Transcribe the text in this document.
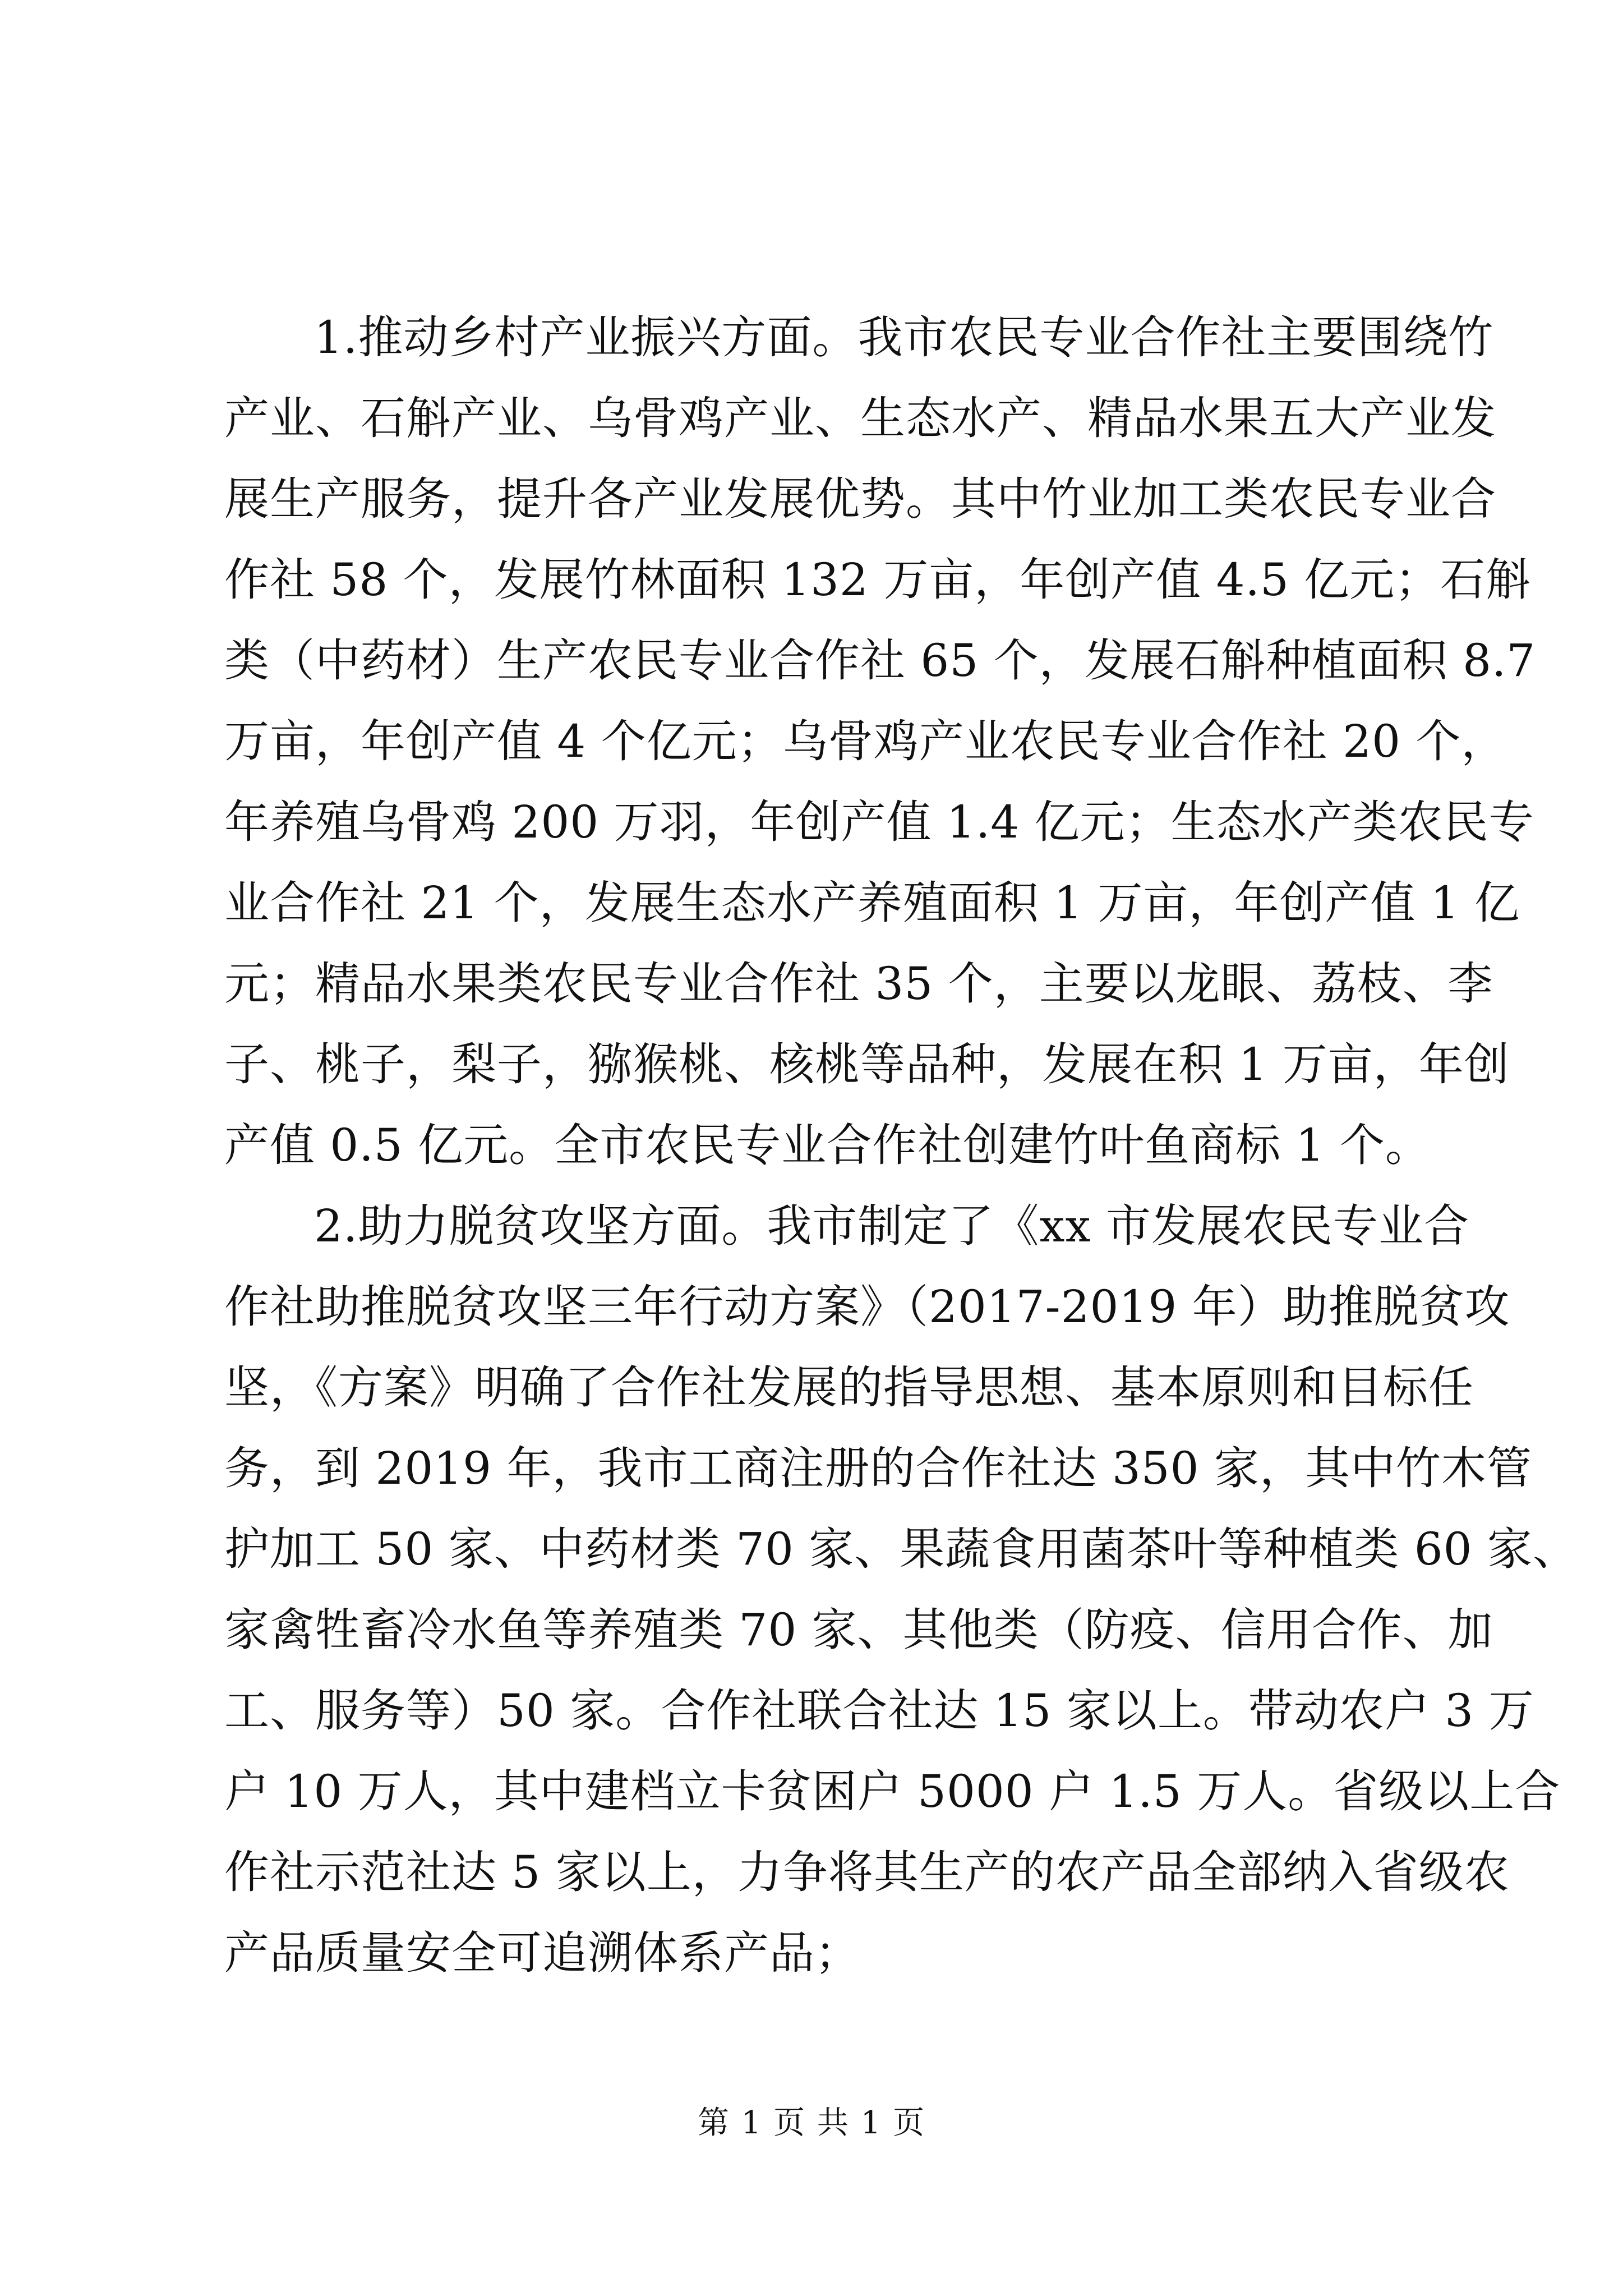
1.推动乡村产业振兴方面。我市农民专业合作社主要围绕竹
产业、石斛产业、乌骨鸡产业、生态水产、精品水果五大产业发
展生产服务，提升各产业发展优势。其中竹业加工类农民专业合
作社 58 个，发展竹林面积 132 万亩，年创产值 4.5 亿元；石斛
类（中药材）生产农民专业合作社 65 个，发展石斛种植面积 8.7
万亩，年创产值 4 个亿元；乌骨鸡产业农民专业合作社 20 个，
年养殖乌骨鸡 200 万羽，年创产值 1.4 亿元；生态水产类农民专
业合作社 21 个，发展生态水产养殖面积 1 万亩，年创产值 1 亿
元；精品水果类农民专业合作社 35 个，主要以龙眼、荔枝、李
子、桃子，梨子，猕猴桃、核桃等品种，发展在积 1 万亩，年创
产值 0.5 亿元。全市农民专业合作社创建竹叶鱼商标 1 个。
2.助力脱贫攻坚方面。我市制定了《xx 市发展农民专业合
作社助推脱贫攻坚三年行动方案》（2017-2019 年）助推脱贫攻
坚，《方案》明确了合作社发展的指导思想、基本原则和目标任
务，到 2019 年，我市工商注册的合作社达 350 家，其中竹木管
护加工 50 家、中药材类 70 家、果蔬食用菌茶叶等种植类 60 家、
家禽牲畜冷水鱼等养殖类 70 家、其他类（防疫、信用合作、加
工、服务等）50 家。合作社联合社达 15 家以上。带动农户 3 万
户 10 万人，其中建档立卡贫困户 5000 户 1.5 万人。省级以上合
作社示范社达 5 家以上，力争将其生产的农产品全部纳入省级农
产品质量安全可追溯体系产品；
第 1 页 共 1 页
